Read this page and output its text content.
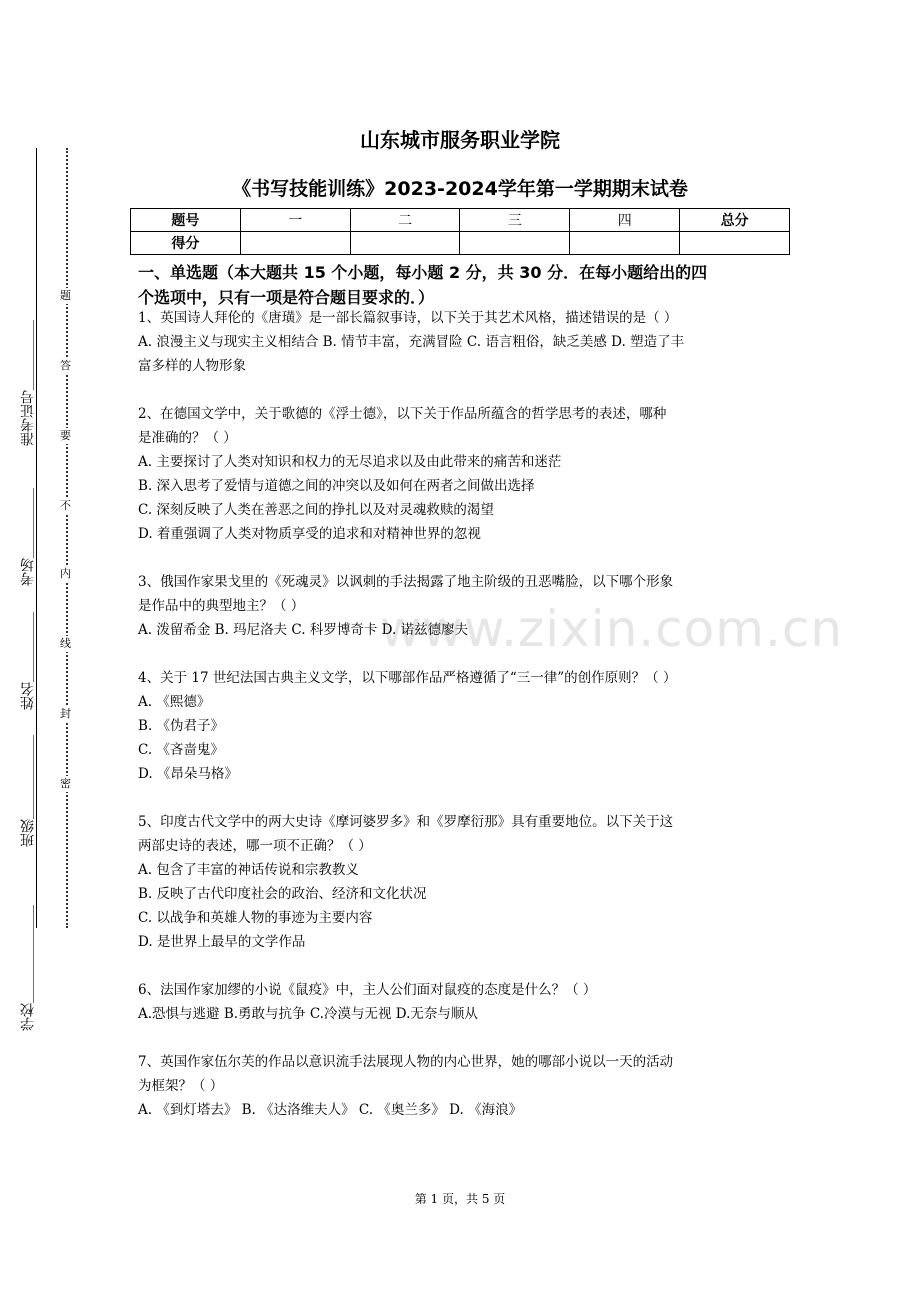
学校＿＿＿＿＿＿＿
班级＿＿＿＿＿＿
姓名＿＿＿＿＿
考场＿＿＿＿＿
准考证号＿＿＿＿＿
密
封
线
内
不
要
答
题
山东城市服务职业学院
《书写技能训练》2023-2024学年第一学期期末试卷
题号	一	二	三	四	总分
得分					
一、单选题（本大题共 15 个小题，每小题 2 分，共 30 分．在每小题给出的四
个选项中，只有一项是符合题目要求的．）
www.zixin.com.cn

1、英国诗人拜伦的《唐璜》是一部长篇叙事诗，以下关于其艺术风格，描述错误的是（ ）

A. 浪漫主义与现实主义相结合 B. 情节丰富，充满冒险 C. 语言粗俗，缺乏美感 D. 塑造了丰

富多样的人物形象

2、在德国文学中，关于歌德的《浮士德》，以下关于作品所蕴含的哲学思考的表述，哪种

是准确的？（ ）

A. 主要探讨了人类对知识和权力的无尽追求以及由此带来的痛苦和迷茫

B. 深入思考了爱情与道德之间的冲突以及如何在两者之间做出选择

C. 深刻反映了人类在善恶之间的挣扎以及对灵魂救赎的渴望

D. 着重强调了人类对物质享受的追求和对精神世界的忽视

3、俄国作家果戈里的《死魂灵》以讽刺的手法揭露了地主阶级的丑恶嘴脸，以下哪个形象

是作品中的典型地主？（ ）

A. 泼留希金 B. 玛尼洛夫 C. 科罗博奇卡 D. 诺兹德廖夫

4、关于 17 世纪法国古典主义文学，以下哪部作品严格遵循了“三一律”的创作原则？（ ）

A. 《熙德》

B. 《伪君子》

C. 《吝啬鬼》

D. 《昂朵马格》

5、印度古代文学中的两大史诗《摩诃婆罗多》和《罗摩衍那》具有重要地位。以下关于这

两部史诗的表述，哪一项不正确？（ ）

A. 包含了丰富的神话传说和宗教教义

B. 反映了古代印度社会的政治、经济和文化状况

C. 以战争和英雄人物的事迹为主要内容

D. 是世界上最早的文学作品

6、法国作家加缪的小说《鼠疫》中，主人公们面对鼠疫的态度是什么？（ ）

A.恐惧与逃避 B.勇敢与抗争 C.冷漠与无视 D.无奈与顺从

7、英国作家伍尔芙的作品以意识流手法展现人物的内心世界，她的哪部小说以一天的活动

为框架？（ ）

A. 《到灯塔去》 B. 《达洛维夫人》 C. 《奥兰多》 D. 《海浪》

第 1 页，共 5 页
